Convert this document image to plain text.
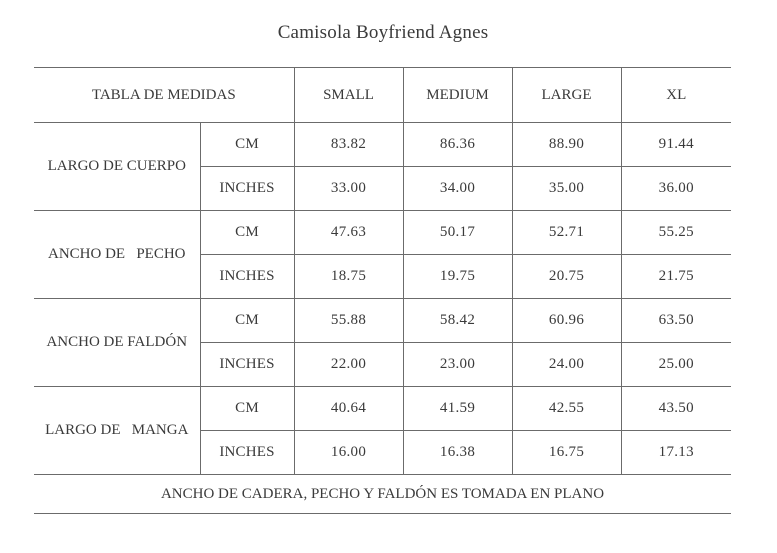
Camisola Boyfriend Agnes
TABLA DE MEDIDAS		SMALL	MEDIUM	LARGE	XL
LARGO DE CUERPO	CM	83.82	86.36	88.90	91.44
	INCHES	33.00	34.00	35.00	36.00
ANCHO DE   PECHO	CM	47.63	50.17	52.71	55.25
	INCHES	18.75	19.75	20.75	21.75
ANCHO DE FALDÓN	CM	55.88	58.42	60.96	63.50
	INCHES	22.00	23.00	24.00	25.00
LARGO DE   MANGA	CM	40.64	41.59	42.55	43.50
	INCHES	16.00	16.38	16.75	17.13
ANCHO DE CADERA, PECHO Y FALDÓN ES TOMADA EN PLANO					
